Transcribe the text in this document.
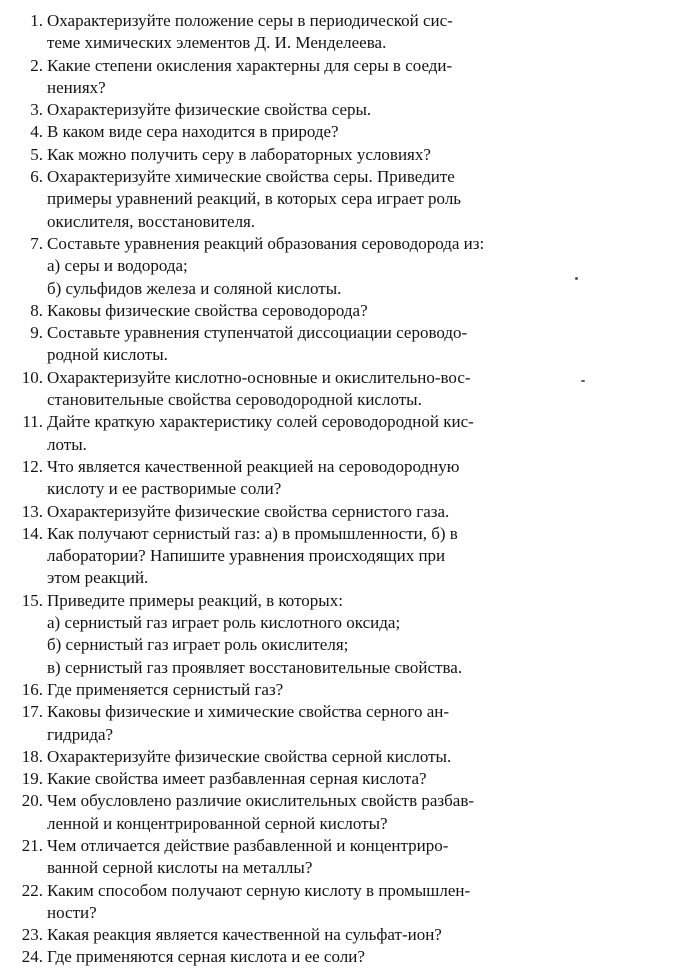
1. Охарактеризуйте положение серы в периодической сис-
теме химических элементов Д. И. Менделеева.
2. Какие степени окисления характерны для серы в соеди-
нениях?
3. Охарактеризуйте физические свойства серы.
4. В каком виде сера находится в природе?
5. Как можно получить серу в лабораторных условиях?
6. Охарактеризуйте химические свойства серы. Приведите
примеры уравнений реакций, в которых сера играет роль
окислителя, восстановителя.
7. Составьте уравнения реакций образования сероводорода из:
а) серы и водорода;
б) сульфидов железа и соляной кислоты.
8. Каковы физические свойства сероводорода?
9. Составьте уравнения ступенчатой диссоциации сероводо-
родной кислоты.
10. Охарактеризуйте кислотно-основные и окислительно-вос-
становительные свойства сероводородной кислоты.
11. Дайте краткую характеристику солей сероводородной кис-
лоты.
12. Что является качественной реакцией на сероводородную
кислоту и ее растворимые соли?
13. Охарактеризуйте физические свойства сернистого газа.
14. Как получают сернистый газ: а) в промышленности, б) в
лаборатории? Напишите уравнения происходящих при
этом реакций.
15. Приведите примеры реакций, в которых:
а) сернистый газ играет роль кислотного оксида;
б) сернистый газ играет роль окислителя;
в) сернистый газ проявляет восстановительные свойства.
16. Где применяется сернистый газ?
17. Каковы физические и химические свойства серного ан-
гидрида?
18. Охарактеризуйте физические свойства серной кислоты.
19. Какие свойства имеет разбавленная серная кислота?
20. Чем обусловлено различие окислительных свойств разбав-
ленной и концентрированной серной кислоты?
21. Чем отличается действие разбавленной и концентриро-
ванной серной кислоты на металлы?
22. Каким способом получают серную кислоту в промышлен-
ности?
23. Какая реакция является качественной на сульфат-ион?
24. Где применяются серная кислота и ее соли?
